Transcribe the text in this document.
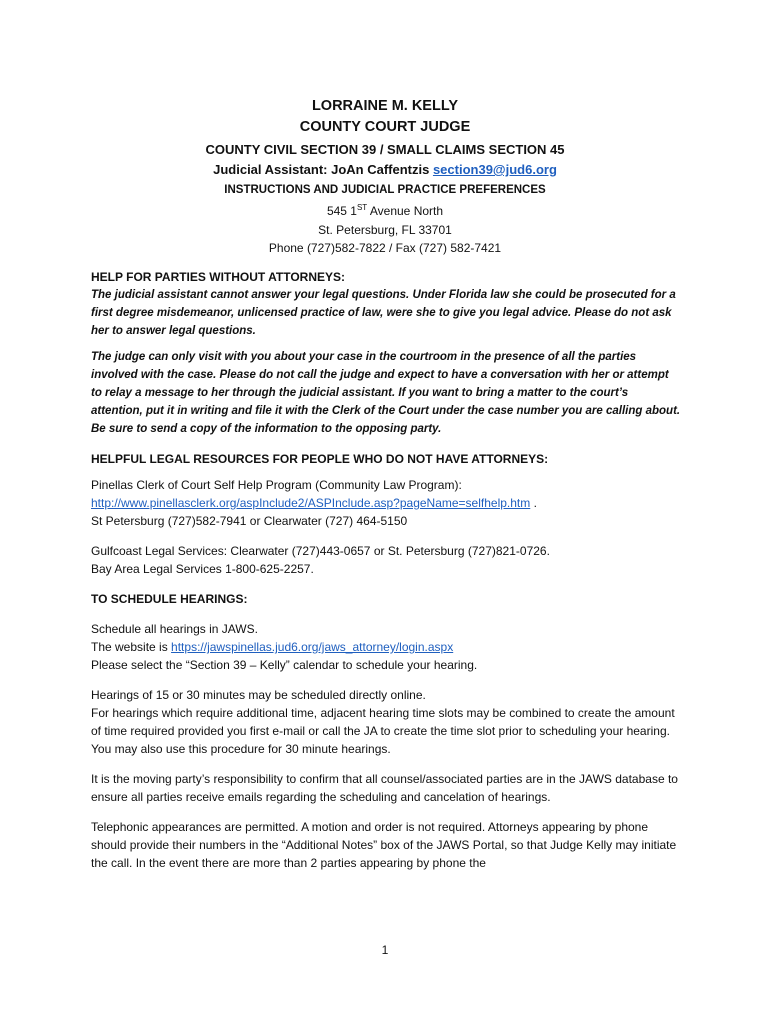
LORRAINE M. KELLY
COUNTY COURT JUDGE
COUNTY CIVIL SECTION 39 / SMALL CLAIMS SECTION 45
Judicial Assistant: JoAn Caffentzis section39@jud6.org
INSTRUCTIONS AND JUDICIAL PRACTICE PREFERENCES
545 1ST Avenue North
St. Petersburg, FL 33701
Phone (727)582-7822 / Fax (727) 582-7421

HELP FOR PARTIES WITHOUT ATTORNEYS:

The judicial assistant cannot answer your legal questions. Under Florida law she could be prosecuted for a first degree misdemeanor, unlicensed practice of law, were she to give you legal advice. Please do not ask her to answer legal questions.

The judge can only visit with you about your case in the courtroom in the presence of all the parties involved with the case. Please do not call the judge and expect to have a conversation with her or attempt to relay a message to her through the judicial assistant. If you want to bring a matter to the court’s attention, put it in writing and file it with the Clerk of the Court under the case number you are calling about. Be sure to send a copy of the information to the opposing party.

HELPFUL LEGAL RESOURCES FOR PEOPLE WHO DO NOT HAVE ATTORNEYS:

Pinellas Clerk of Court Self Help Program (Community Law Program):

http://www.pinellasclerk.org/aspInclude2/ASPInclude.asp?pageName=selfhelp.htm .

St Petersburg (727)582-7941 or Clearwater (727) 464-5150

Gulfcoast Legal Services: Clearwater (727)443-0657 or St. Petersburg (727)821-0726.

Bay Area Legal Services 1-800-625-2257.

TO SCHEDULE HEARINGS:

Schedule all hearings in JAWS.

The website is https://jawspinellas.jud6.org/jaws_attorney/login.aspx

Please select the “Section 39 – Kelly” calendar to schedule your hearing.

Hearings of 15 or 30 minutes may be scheduled directly online.

For hearings which require additional time, adjacent hearing time slots may be combined to create the amount of time required provided you first e-mail or call the JA to create the time slot prior to scheduling your hearing. You may also use this procedure for 30 minute hearings.

It is the moving party’s responsibility to confirm that all counsel/associated parties are in the JAWS database to ensure all parties receive emails regarding the scheduling and cancelation of hearings.

Telephonic appearances are permitted. A motion and order is not required. Attorneys appearing by phone should provide their numbers in the “Additional Notes” box of the JAWS Portal, so that Judge Kelly may initiate the call. In the event there are more than 2 parties appearing by phone the

1
